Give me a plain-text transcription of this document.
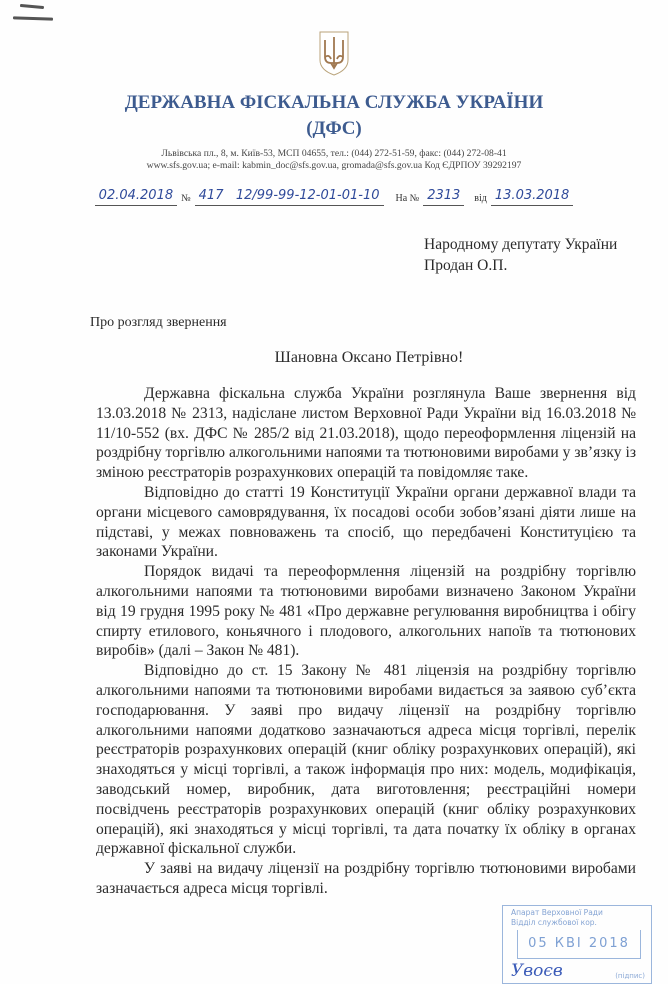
ДЕРЖАВНА ФІСКАЛЬНА СЛУЖБА УКРАЇНИ
(ДФС)
Львівська пл., 8, м. Київ-53, МСП 04655, тел.: (044) 272-51-59, факс: (044) 272-08-41
www.sfs.gov.ua; e-mail: kabmin_doc@sfs.gov.ua, gromada@sfs.gov.ua Код ЄДРПОУ 39292197
02.04.2018 № 417   12/99-99-12-01-01-10	На № 2313	від 13.03.2018
Народному депутату України
Продан О.П.
Про розгляд звернення
Шановна Оксано Петрівно!

Державна фіскальна служба України розглянула Ваше звернення від 13.03.2018 № 2313, надіслане листом Верховної Ради України від 16.03.2018 № 11/10-552 (вх. ДФС № 285/2 від 21.03.2018), щодо переоформлення ліцензій на роздрібну торгівлю алкогольними напоями та тютюновими виробами у зв’язку із зміною реєстраторів розрахункових операцій та повідомляє таке.

Відповідно до статті 19 Конституції України органи державної влади та органи місцевого самоврядування, їх посадові особи зобов’язані діяти лише на підставі, у межах повноважень та спосіб, що передбачені Конституцією та законами України.

Порядок видачі та переоформлення ліцензій на роздрібну торгівлю алкогольними напоями та тютюновими виробами визначено Законом України від 19 грудня 1995 року № 481 «Про державне регулювання виробництва і обігу спирту етилового, коньячного і плодового, алкогольних напоїв та тютюнових виробів» (далі – Закон № 481).

Відповідно до ст. 15 Закону № 481 ліцензія на роздрібну торгівлю алкогольними напоями та тютюновими виробами видається за заявою суб’єкта господарювання. У заяві про видачу ліцензії на роздрібну торгівлю алкогольними напоями додатково зазначаються адреса місця торгівлі, перелік реєстраторів розрахункових операцій (книг обліку розрахункових операцій), які знаходяться у місці торгівлі, а також інформація про них: модель, модифікація, заводський номер, виробник, дата виготовлення; реєстраційні номери посвідчень реєстраторів розрахункових операцій (книг обліку розрахункових операцій), які знаходяться у місці торгівлі, та дата початку їх обліку в органах державної фіскальної служби.

У заяві на видачу ліцензії на роздрібну торгівлю тютюновими виробами зазначається адреса місця торгівлі.

Апарат Верховної Ради
Відділ службової кор.
05 КВІ 2018
Увоєв	(підпис)
